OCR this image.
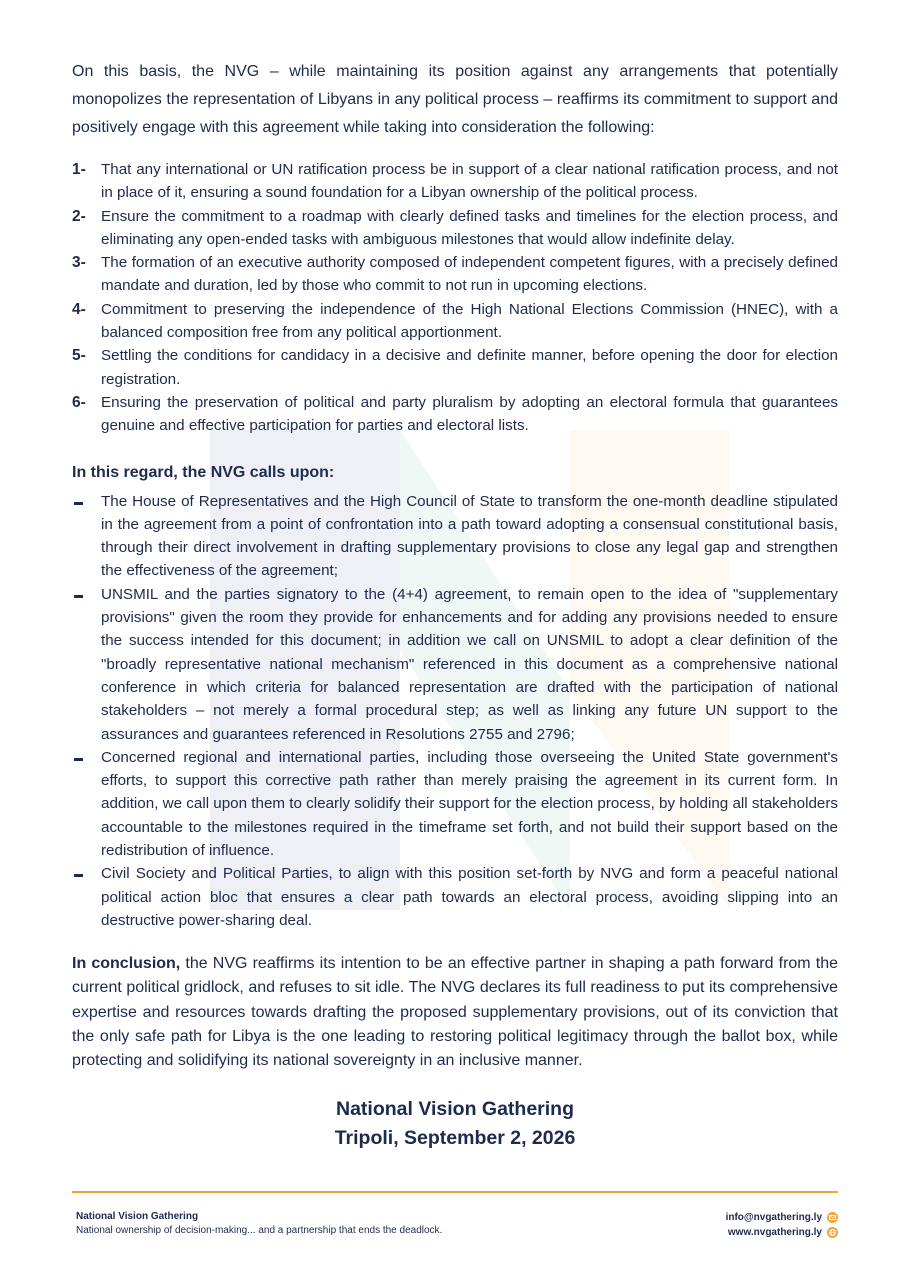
On this basis, the NVG – while maintaining its position against any arrangements that potentially monopolizes the representation of Libyans in any political process – reaffirms its commitment to support and positively engage with this agreement while taking into consideration the following:

1- That any international or UN ratification process be in support of a clear national ratification process, and not in place of it, ensuring a sound foundation for a Libyan ownership of the political process.
2- Ensure the commitment to a roadmap with clearly defined tasks and timelines for the election process, and eliminating any open-ended tasks with ambiguous milestones that would allow indefinite delay.
3- The formation of an executive authority composed of independent competent figures, with a precisely defined mandate and duration, led by those who commit to not run in upcoming elections.
4- Commitment to preserving the independence of the High National Elections Commission (HNEC), with a balanced composition free from any political apportionment.
5- Settling the conditions for candidacy in a decisive and definite manner, before opening the door for election registration.
6- Ensuring the preservation of political and party pluralism by adopting an electoral formula that guarantees genuine and effective participation for parties and electoral lists.
In this regard, the NVG calls upon:
The House of Representatives and the High Council of State to transform the one-month deadline stipulated in the agreement from a point of confrontation into a path toward adopting a consensual constitutional basis, through their direct involvement in drafting supplementary provisions to close any legal gap and strengthen the effectiveness of the agreement;
UNSMIL and the parties signatory to the (4+4) agreement, to remain open to the idea of "supplementary provisions" given the room they provide for enhancements and for adding any provisions needed to ensure the success intended for this document; in addition we call on UNSMIL to adopt a clear definition of the "broadly representative national mechanism" referenced in this document as a comprehensive national conference in which criteria for balanced representation are drafted with the participation of national stakeholders – not merely a formal procedural step; as well as linking any future UN support to the assurances and guarantees referenced in Resolutions 2755 and 2796;
Concerned regional and international parties, including those overseeing the United State government's efforts, to support this corrective path rather than merely praising the agreement in its current form. In addition, we call upon them to clearly solidify their support for the election process, by holding all stakeholders accountable to the milestones required in the timeframe set forth, and not build their support based on the redistribution of influence.
Civil Society and Political Parties, to align with this position set-forth by NVG and form a peaceful national political action bloc that ensures a clear path towards an electoral process, avoiding slipping into an destructive power-sharing deal.

In conclusion, the NVG reaffirms its intention to be an effective partner in shaping a path forward from the current political gridlock, and refuses to sit idle. The NVG declares its full readiness to put its comprehensive expertise and resources towards drafting the proposed supplementary provisions, out of its conviction that the only safe path for Libya is the one leading to restoring political legitimacy through the ballot box, while protecting and solidifying its national sovereignty in an inclusive manner.

National Vision Gathering
Tripoli, September 2, 2026
National Vision Gathering
National ownership of decision-making... and a partnership that ends the deadlock.
info@nvgathering.ly
www.nvgathering.ly
